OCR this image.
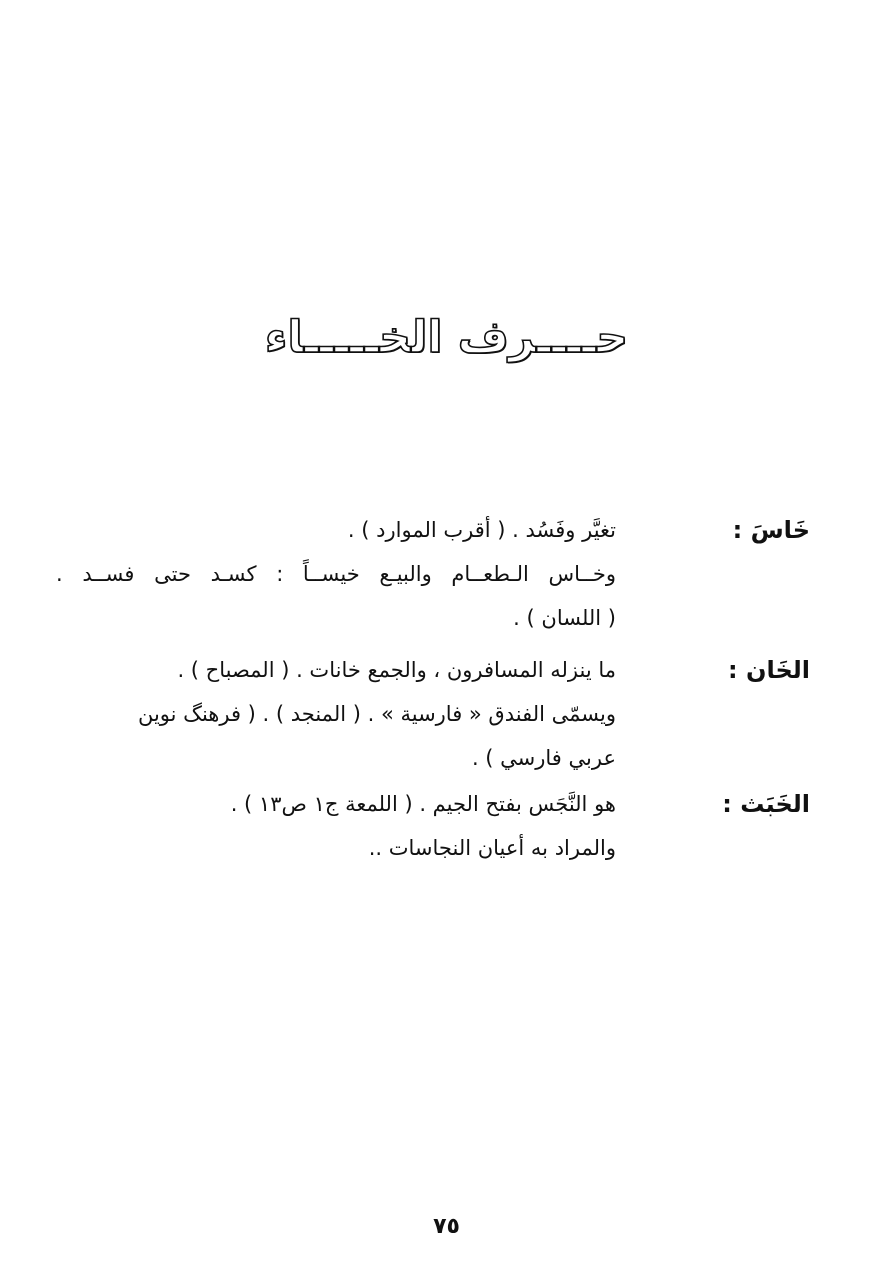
حــــرف الخـــــاء
خَاسَ :
تغيَّر وفَسُد . ( أقرب الموارد ) .
وخــاس الـطعــام والبيـع خيســاً : كسـد حتى فســد .
( اللسان ) .
الخَان :
ما ينزله المسافرون ، والجمع خانات . ( المصباح ) .
ويسمّى الفندق « فارسية » . ( المنجد ) . ( فرهنگ نوين
عربي فارسي ) .
الخَبَث :
هو النَّجَس بفتح الجيم . ( اللمعة ج١ ص١٣ ) .
والمراد به أعيان النجاسات ..
٧٥
